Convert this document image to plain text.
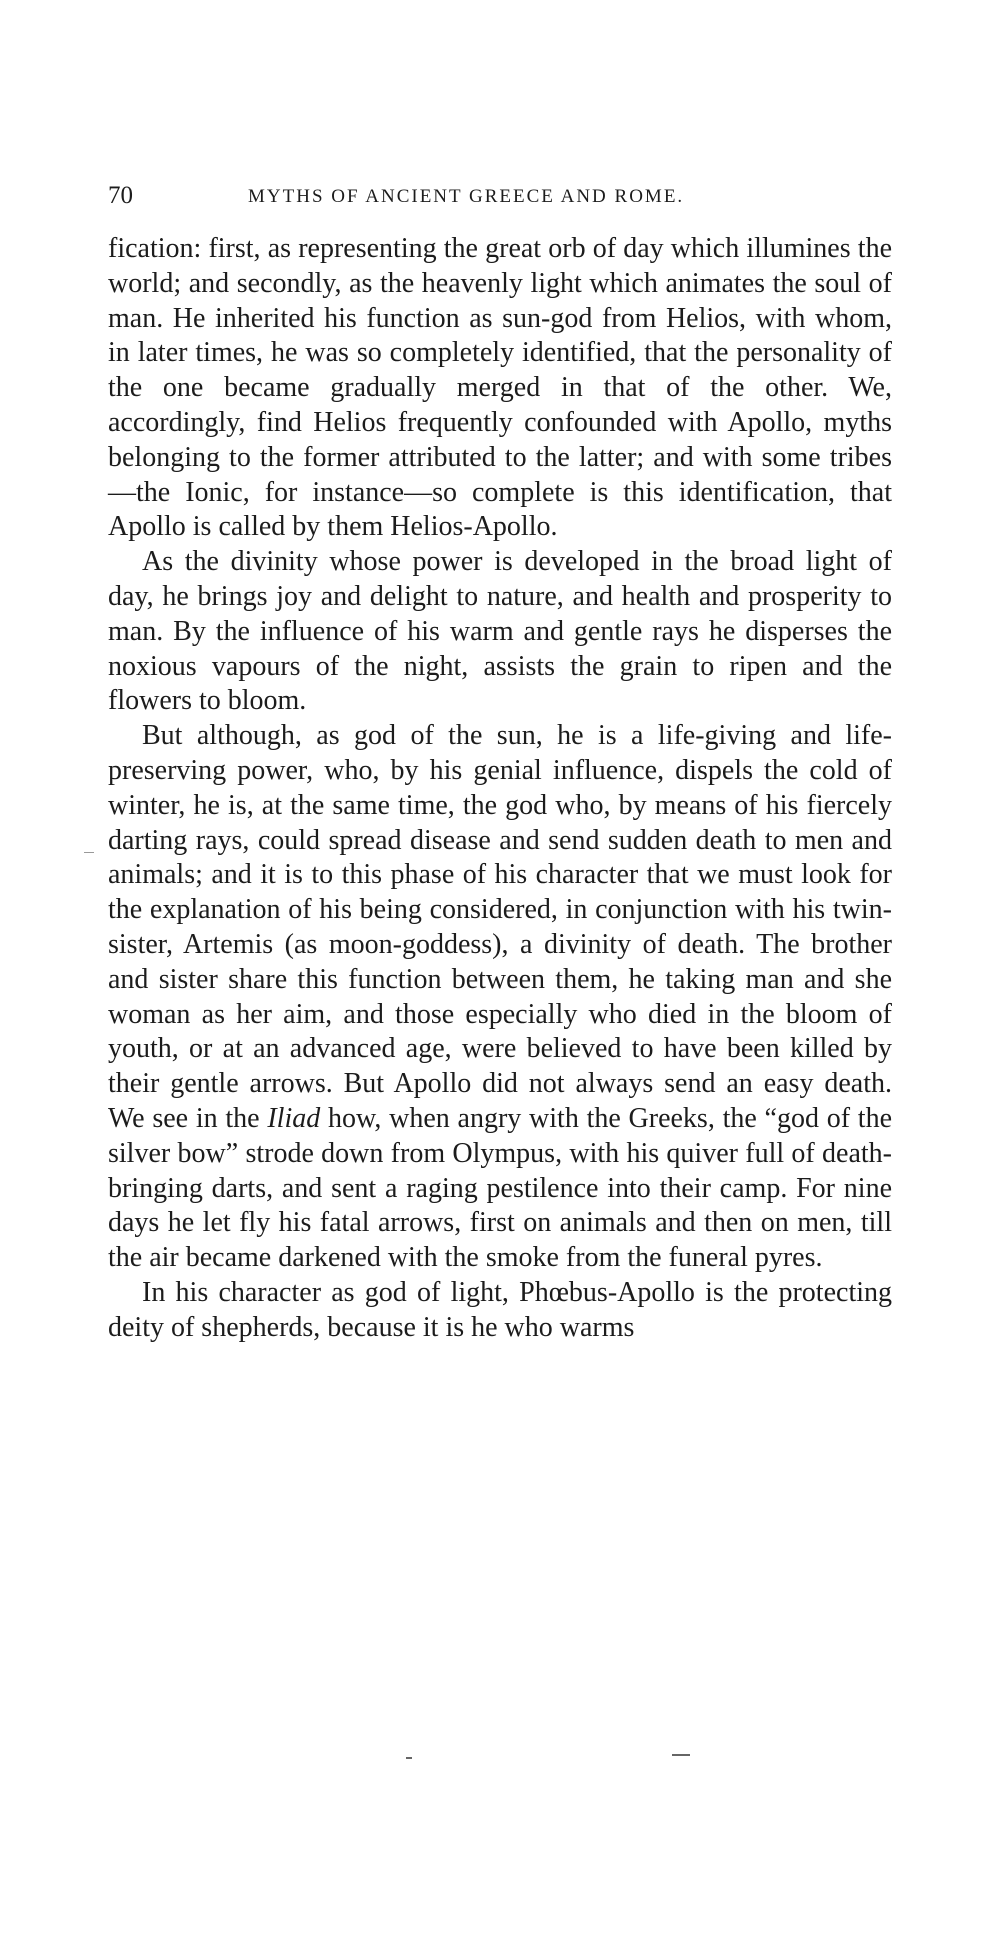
70	MYTHS OF ANCIENT GREECE AND ROME.

fication: first, as representing the great orb of day which illumines the world; and secondly, as the heavenly light which animates the soul of man. He inherited his function as sun-god from Helios, with whom, in later times, he was so completely identified, that the personality of the one became gradually merged in that of the other. We, accordingly, find Helios frequently confounded with Apollo, myths belonging to the former attributed to the latter; and with some tribes—the Ionic, for instance—so complete is this identification, that Apollo is called by them Helios-Apollo.

As the divinity whose power is developed in the broad light of day, he brings joy and delight to nature, and health and prosperity to man. By the influence of his warm and gentle rays he disperses the noxious vapours of the night, assists the grain to ripen and the flowers to bloom.

But although, as god of the sun, he is a life-giving and life-preserving power, who, by his genial influence, dispels the cold of winter, he is, at the same time, the god who, by means of his fiercely darting rays, could spread disease and send sudden death to men and animals; and it is to this phase of his character that we must look for the explanation of his being considered, in conjunction with his twin-sister, Artemis (as moon-goddess), a divinity of death. The brother and sister share this function between them, he taking man and she woman as her aim, and those especially who died in the bloom of youth, or at an advanced age, were believed to have been killed by their gentle arrows. But Apollo did not always send an easy death. We see in the Iliad how, when angry with the Greeks, the “god of the silver bow” strode down from Olympus, with his quiver full of death-bringing darts, and sent a raging pestilence into their camp. For nine days he let fly his fatal arrows, first on animals and then on men, till the air became darkened with the smoke from the funeral pyres.

In his character as god of light, Phœbus-Apollo is the protecting deity of shepherds, because it is he who warms
